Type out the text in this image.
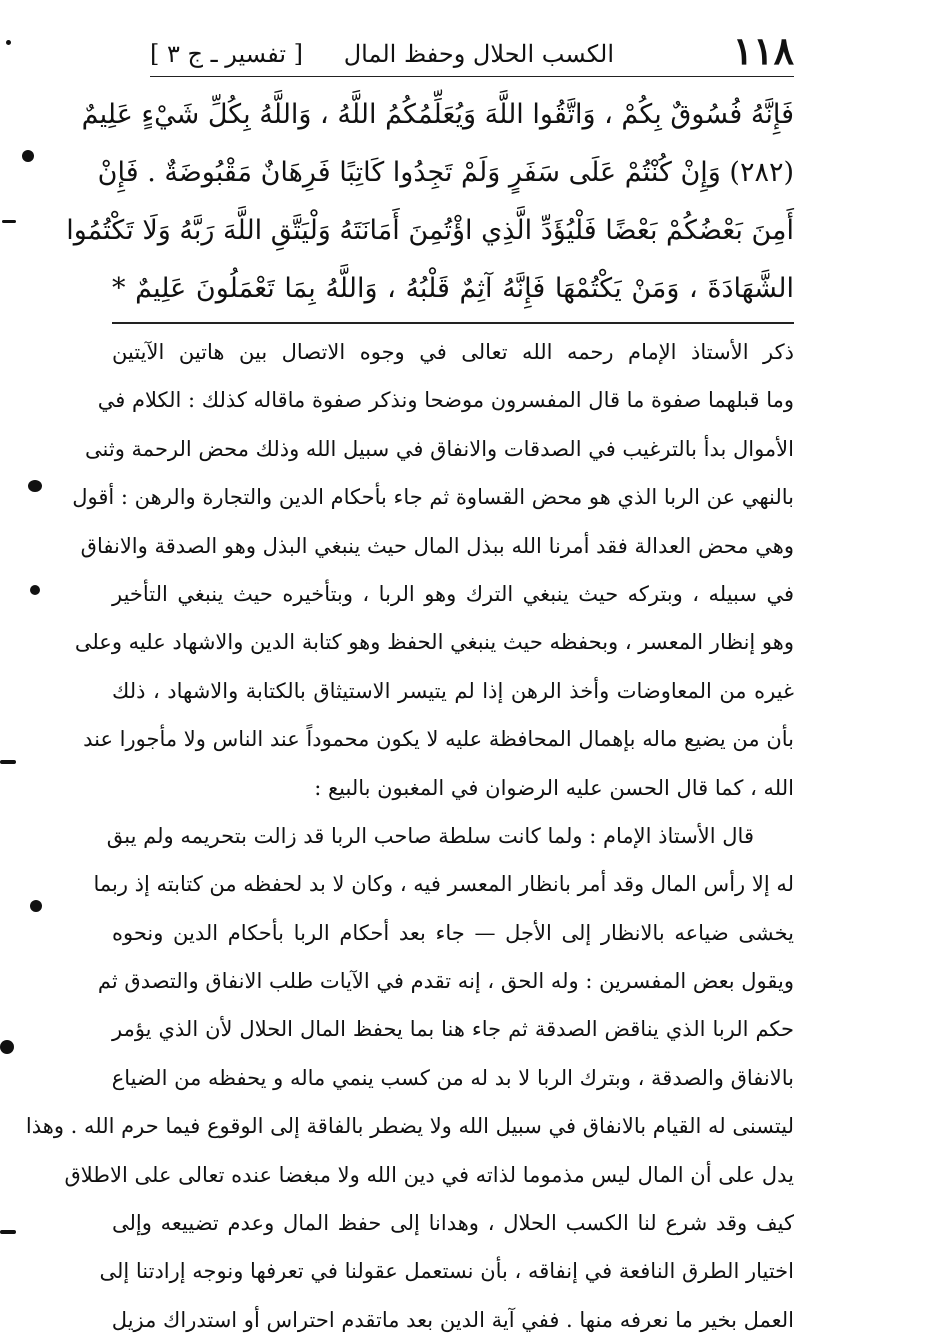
١١٨
الكسب الحلال وحفظ المال
[ تفسير ـ ج ٣ ]
فَإِنَّهُ فُسُوقٌ بِكُمْ ، وَاتَّقُوا اللَّهَ وَيُعَلِّمُكُمُ اللَّهُ ، وَاللَّهُ بِكُلِّ شَيْءٍ عَلِيمٌ
(٢٨٢) وَإِنْ كُنْتُمْ عَلَى سَفَرٍ وَلَمْ تَجِدُوا كَاتِبًا فَرِهَانٌ مَقْبُوضَةٌ . فَإِنْ
أَمِنَ بَعْضُكُمْ بَعْضًا فَلْيُؤَدِّ الَّذِي اؤْتُمِنَ أَمَانَتَهُ وَلْيَتَّقِ اللَّهَ رَبَّهُ وَلَا تَكْتُمُوا
الشَّهَادَةَ ، وَمَنْ يَكْتُمْهَا فَإِنَّهُ آثِمٌ قَلْبُهُ ، وَاللَّهُ بِمَا تَعْمَلُونَ عَلِيمٌ *
ذكر الأستاذ الإمام رحمه الله تعالى في وجوه الاتصال بين هاتين الآيتين
وما قبلهما صفوة ما قال المفسرون موضحا ونذكر صفوة ماقاله كذلك : الكلام في
الأموال بدأ بالترغيب في الصدقات والانفاق في سبيل الله وذلك محض الرحمة وثنى
بالنهي عن الربا الذي هو محض القساوة ثم جاء بأحكام الدين والتجارة والرهن : أقول
وهي محض العدالة فقد أمرنا الله ببذل المال حيث ينبغي البذل وهو الصدقة والانفاق
في سبيله ، وبتركه حيث ينبغي الترك وهو الربا ، وبتأخيره حيث ينبغي التأخير
وهو إنظار المعسر ، وبحفظه حيث ينبغي الحفظ وهو كتابة الدين والاشهاد عليه وعلى
غيره من المعاوضات وأخذ الرهن إذا لم يتيسر الاستيثاق بالكتابة والاشهاد ، ذلك
بأن من يضيع ماله بإهمال المحافظة عليه لا يكون محموداً عند الناس ولا مأجورا عند
الله ، كما قال الحسن عليه الرضوان في المغبون بالبيع :
قال الأستاذ الإمام : ولما كانت سلطة صاحب الربا قد زالت بتحريمه ولم يبق
له إلا رأس المال وقد أمر بانظار المعسر فيه ، وكان لا بد لحفظه من كتابته إذ ربما
يخشى ضياعه بالانظار إلى الأجل — جاء بعد أحكام الربا بأحكام الدين ونحوه
ويقول بعض المفسرين : وله الحق ، إنه تقدم في الآيات طلب الانفاق والتصدق ثم
حكم الربا الذي يناقض الصدقة ثم جاء هنا بما يحفظ المال الحلال لأن الذي يؤمر
بالانفاق والصدقة ، وبترك الربا لا بد له من كسب ينمي ماله و يحفظه من الضياع
ليتسنى له القيام بالانفاق في سبيل الله ولا يضطر بالفاقة إلى الوقوع فيما حرم الله . وهذا
يدل على أن المال ليس مذموما لذاته في دين الله ولا مبغضا عنده تعالى على الاطلاق
كيف وقد شرع لنا الكسب الحلال ، وهدانا إلى حفظ المال وعدم تضييعه وإلى
اختيار الطرق النافعة في إنفاقه ، بأن نستعمل عقولنا في تعرفها ونوجه إرادتنا إلى
العمل بخير ما نعرفه منها . ففي آية الدين بعد ماتقدم احتراس أو استدراك مزيل
